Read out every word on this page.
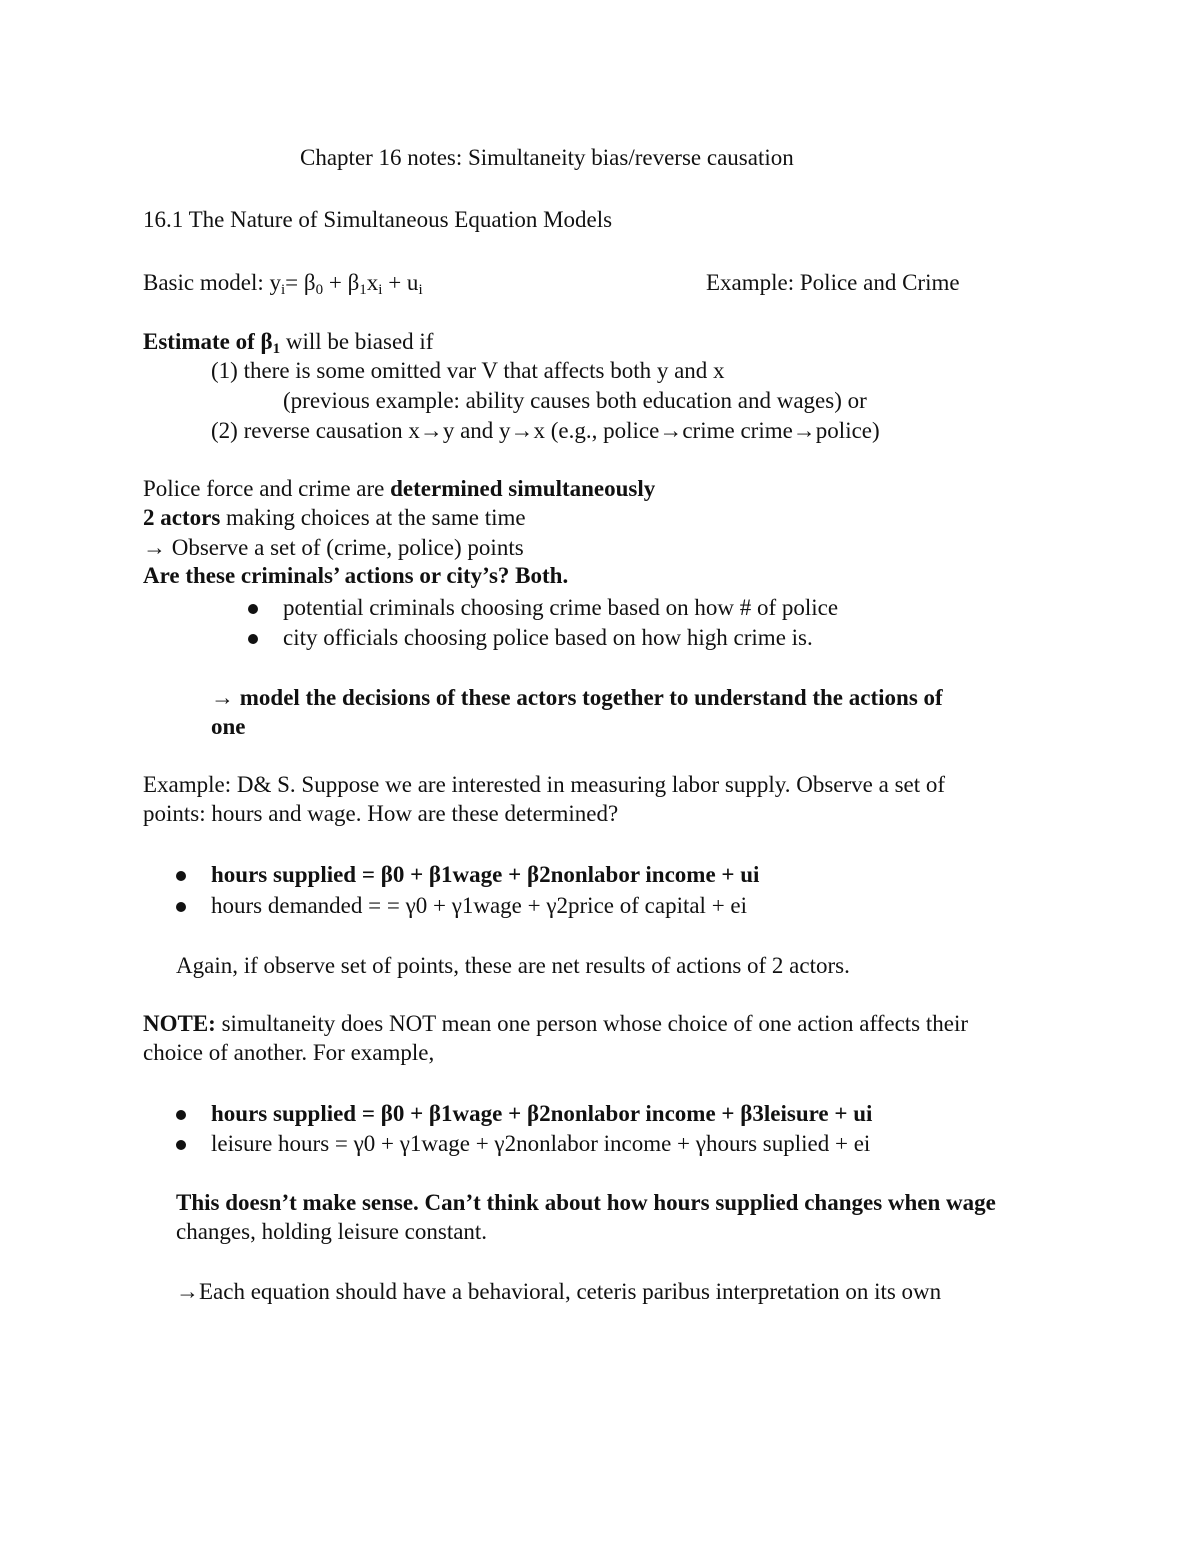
Chapter 16 notes: Simultaneity bias/reverse causation
16.1 The Nature of Simultaneous Equation Models
Basic model: $y_i= \beta_0 + \beta_1x_i + u_i$	Example: Police and Crime
Estimate of $\beta_1$ will be biased if
(1) there is some omitted var V that affects both y and x
(previous example: ability causes both education and wages) or
(2) reverse causation x→y and y→x (e.g., police→crime crime→police)
Police force and crime are determined simultaneously
2 actors making choices at the same time
→ Observe a set of (crime, police) points
Are these criminals’ actions or city’s? Both.
potential criminals choosing crime based on how # of police
city officials choosing police based on how high crime is.
→ model the decisions of these actors together to understand the actions of
one
Example: D& S. Suppose we are interested in measuring labor supply. Observe a set of
points: hours and wage. How are these determined?
hours supplied = β0 + β1wage + β2nonlabor income + ui
hours demanded = = γ0 + γ1wage + γ2price of capital + ei
Again, if observe set of points, these are net results of actions of 2 actors.
NOTE: simultaneity does NOT mean one person whose choice of one action affects their
choice of another. For example,
hours supplied = β0 + β1wage + β2nonlabor income + β3leisure + ui
leisure hours = γ0 + γ1wage + γ2nonlabor income + γhours suplied + ei
This doesn’t make sense. Can’t think about how hours supplied changes when wage
changes, holding leisure constant.
→Each equation should have a behavioral, ceteris paribus interpretation on its own
